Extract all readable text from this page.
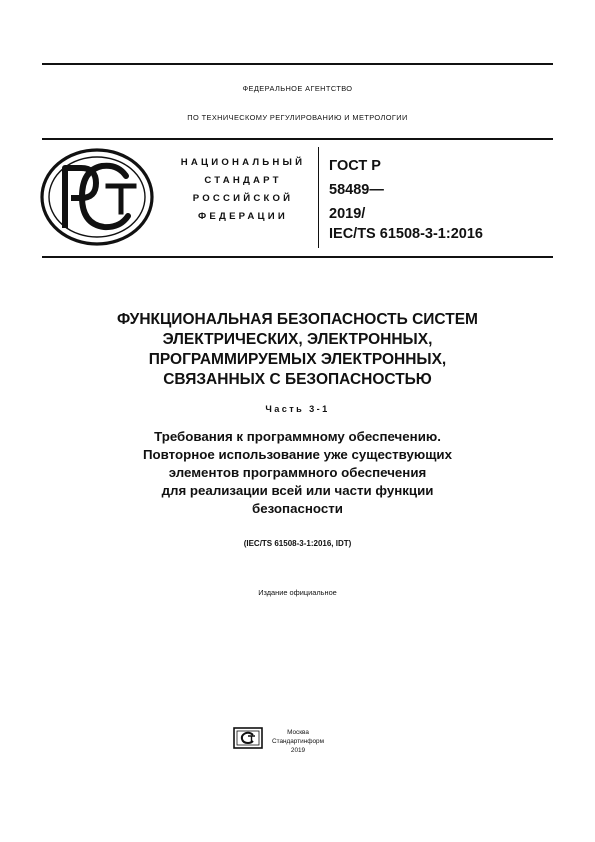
ФЕДЕРАЛЬНОЕ АГЕНТСТВО
ПО ТЕХНИЧЕСКОМУ РЕГУЛИРОВАНИЮ И МЕТРОЛОГИИ
НАЦИОНАЛЬНЫЙ
СТАНДАРТ
РОССИЙСКОЙ
ФЕДЕРАЦИИ
ГОСТ Р
58489—
2019/
IEC/TS 61508-3-1:2016
ФУНКЦИОНАЛЬНАЯ БЕЗОПАСНОСТЬ СИСТЕМ
ЭЛЕКТРИЧЕСКИХ, ЭЛЕКТРОННЫХ,
ПРОГРАММИРУЕМЫХ ЭЛЕКТРОННЫХ,
СВЯЗАННЫХ С БЕЗОПАСНОСТЬЮ
Часть 3-1
Требования к программному обеспечению.
Повторное использование уже существующих
элементов программного обеспечения
для реализации всей или части функции
безопасности
(IEC/TS 61508-3-1:2016, IDT)
Издание официальное
Москва
Стандартинформ
2019
